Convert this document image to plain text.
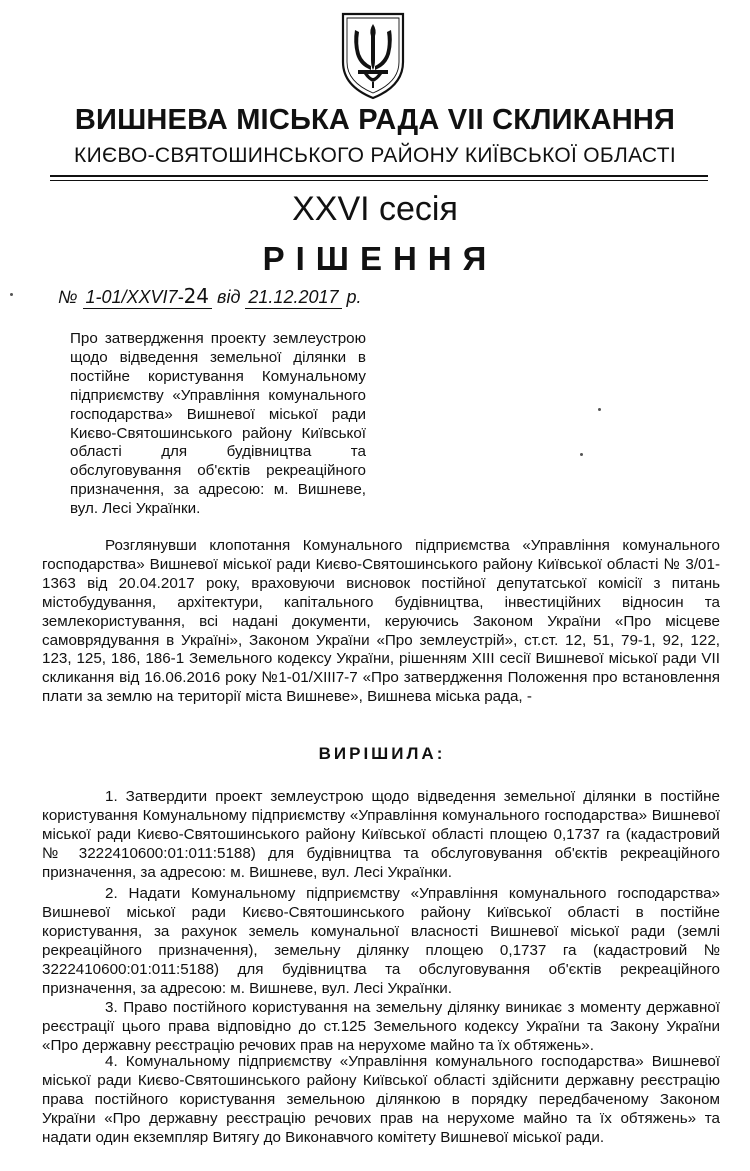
ВИШНЕВА МІСЬКА РАДА VII СКЛИКАННЯ
КИЄВО-СВЯТОШИНСЬКОГО РАЙОНУ КИЇВСЬКОЇ ОБЛАСТІ
XXVI сесія
РІШЕННЯ
№ 1-01/XXVI7-24 від 21.12.2017 р.
Про затвердження проекту землеустрою щодо відведення земельної ділянки в постійне користування Комунальному підприємству «Управління комунального господарства» Вишневої міської ради Києво-Святошинського району Київської області для будівництва та обслуговування об'єктів рекреаційного призначення, за адресою: м. Вишневе, вул. Лесі Українки.

Розглянувши клопотання Комунального підприємства «Управління комунального господарства» Вишневої міської ради Києво-Святошинського району Київської області № 3/01-1363 від 20.04.2017 року, враховуючи висновок постійної депутатської комісії з питань містобудування, архітектури, капітального будівництва, інвестиційних відносин та землекористування, всі надані документи, керуючись Законом України «Про місцеве самоврядування в Україні», Законом України «Про землеустрій», ст.ст. 12, 51, 79-1, 92, 122, 123, 125, 186, 186-1 Земельного кодексу України, рішенням XIII сесії Вишневої міської ради VII скликання від 16.06.2016 року №1-01/XIII7-7 «Про затвердження Положення про встановлення плати за землю на території міста Вишневе», Вишнева міська рада, -

ВИРІШИЛА:

1. Затвердити проект землеустрою щодо відведення земельної ділянки в постійне користування Комунальному підприємству «Управління комунального господарства» Вишневої міської ради Києво-Святошинського району Київської області площею 0,1737 га (кадастровий № 3222410600:01:011:5188) для будівництва та обслуговування об'єктів рекреаційного призначення, за адресою: м. Вишневе, вул. Лесі Українки.

2. Надати Комунальному підприємству «Управління комунального господарства» Вишневої міської ради Києво-Святошинського району Київської області в постійне користування, за рахунок земель комунальної власності Вишневої міської ради (землі рекреаційного призначення), земельну ділянку площею 0,1737 га (кадастровий № 3222410600:01:011:5188) для будівництва та обслуговування об'єктів рекреаційного призначення, за адресою: м. Вишневе, вул. Лесі Українки.

3. Право постійного користування на земельну ділянку виникає з моменту державної реєстрації цього права відповідно до ст.125 Земельного кодексу України та Закону України «Про державну реєстрацію речових прав на нерухоме майно та їх обтяжень».

4. Комунальному підприємству «Управління комунального господарства» Вишневої міської ради Києво-Святошинського району Київської області здійснити державну реєстрацію права постійного користування земельною ділянкою в порядку передбаченому Законом України «Про державну реєстрацію речових прав на нерухоме майно та їх обтяжень» та надати один екземпляр Витягу до Виконавчого комітету Вишневої міської ради.
